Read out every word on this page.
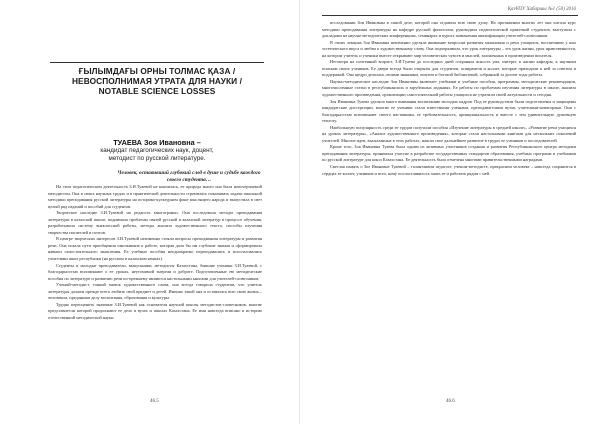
ҒЫЛЫМДАҒЫ ОРНЫ ТОЛМАС ҚАЗА /
НЕВОСПОЛНИМАЯ УТРАТА ДЛЯ НАУКИ /
NOTABLE SCIENCE LOSSES
ТУАЕВА Зоя Ивановна –
кандидат педагогических наук, доцент,
методист по русской литературе.
Человек, оставивший глубокий след в душе и судьбе каждого своего студента…

На этом педагогическом деятельность З.И.Туаевой не кончилась, ее природа много она была неисчерпаемой методистом. Она в своих научных трудах и в практической деятельности стремилась показывать задачи школьной методики преподавания русской литературы на историко-культурном фоне мыслящего народа и выпустила в свет целый ряд изданий и пособий для студентов.

Творческое наследие З.И.Туаевой на редкость многогранно. Она исследовала методы преподавания литературы в казахской школе, поднимала проблемы связей русской и казахской литератур в процессе обучения, разрабатывала систему внеклассной работы, методы анализа художественного текста, способы изучения творчества писателей и поэтов.

В центре творческих интересов З.И.Туаевой неизменно стояли вопросы преподавания литературы и развития речи. Она искала пути приобщения школьников к работе, которая дала бы им глубокие знания и сформировала навыки самостоятельного мышления. Ее учебные пособия неоднократно переиздавались и использовались учителями школ республики (на русском и казахском языках).

Студенты и молодые преподаватели, выпускники, методисты Казахстана, бывшие ученики З.И.Туаевой, с благодарностью вспоминают о ее уроках, неутомимой энергии и доброте. Подготовленные ею методические пособия по литературе и развитию речи по-прежнему являются настольными книгами для учителей-словесников.

Ученый-методист, тонкий знаток художественного слова, она всегда говорила студентам, что учитель литературы должен прежде всего любить свой предмет и детей. Именно такой она и оставалась всю свою жизнь – человеком, преданным делу воспитания, образования и культуры.

Трудно переоценить значение З.И.Туаевой как основателя научной школы методистов-словесников, многие представители которой продолжают ее дело в вузах и школах Казахстана. Ее имя навсегда вписано в историю отечественной методической науки.

46.5
ҚазҰПУ Хабаршы №1 (50) 2016

исследовании Зои Ивановны в самой деле, которой она отдавала всю свою душу. На протяжении многих лет она читала курс методики преподавания литературы на кафедре русской филологии, руководила педагогической практикой студентов, выступала с докладами на научно-методических конференциях, семинарах и курсах повышения квалификации учителей-словесников.

В своих лекциях Зоя Ивановна неизменно уделяла внимание вопросам развития мышления и речи учащихся, воспитанию у них эстетического вкуса и любви к художественному слову. Она подчеркивала, что урок литературы – это урок жизни, урок нравственности, на котором учитель и ученики вместе открывают мир человеческих чувств и мыслей, заложенных в произведении писателя.

Несмотря на почтенный возраст, З.И.Туаева до последних дней сохраняла ясность ума, интерес к жизни кафедры, к научным поискам своих учеников. Ее двери всегда были открыты для студентов, аспирантов и коллег, которые приходили к ней за советом и поддержкой. Она щедро делилась своими знаниями, опытом и богатой библиотекой, собранной за долгие годы работы.

Научно-методическое наследие Зои Ивановны включает учебники и учебные пособия, программы, методические рекомендации, многочисленные статьи в республиканских и зарубежных изданиях. Ее работы по проблемам изучения литературы в школе, анализа художественного произведения, организации самостоятельной работы учащихся не утратили своей актуальности и сегодня.

Зоя Ивановна Туаева уделяла много внимания воспитанию молодых кадров. Под ее руководством были подготовлены и защищены кандидатские диссертации, многие ее ученики стали известными учеными, преподавателями вузов, учителями-новаторами. Они с благодарностью вспоминают своего наставника, ее требовательность, принципиальность и вместе с тем удивительную душевную теплоту.

Наибольшую популярность среди ее трудов получили пособия «Изучение литературы в средней школе», «Развитие речи учащихся на уроках литературы», «Анализ художественного произведения», которые стали настольными книгами для нескольких поколений учителей. Многие идеи, высказанные в этих работах, нашли свое дальнейшее развитие в трудах ее учеников и последователей.

Кроме того, Зоя Ивановна Туаева была одним из активных участников создания и развития Республиканского центра методики преподавания литературы, принимала участие в разработке государственных стандартов образования, учебных программ и учебников по русской литературе для школ Казахстана. Ее деятельность была отмечена многими правительственными наградами.

Светлая память о Зое Ивановне Туаевой – талантливом педагоге, ученом-методисте, прекрасном человеке – навсегда сохранится в сердцах ее коллег, учеников и всех, кому посчастливилось знать ее и работать рядом с ней.

46.6
